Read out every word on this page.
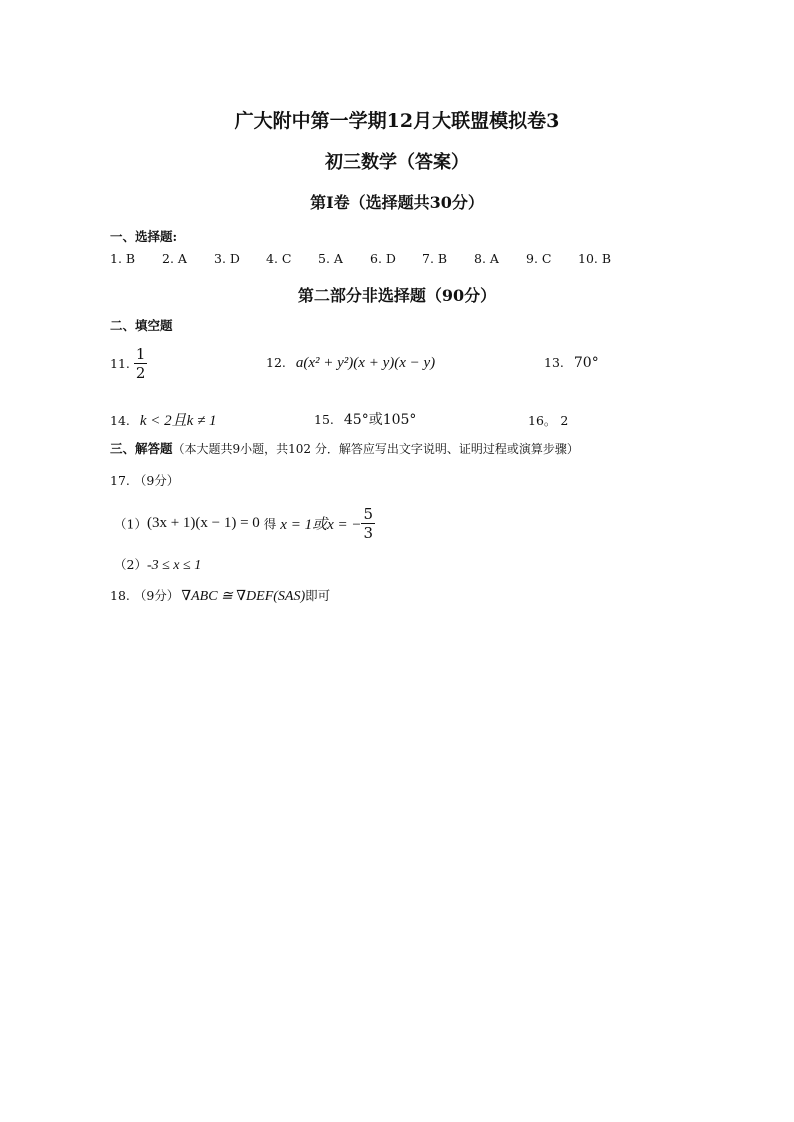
广大附中第一学期12月大联盟模拟卷3
初三数学（答案）
第Ⅰ卷（选择题共30分）
一、选择题:
1. B 2. A 3. D 4. C 5. A 6. D 7. B 8. A 9. C 10. B
第二部分非选择题（90分）
二、填空题
11. $\frac{1}{2}$	12. a(x² + y²)(x + y)(x − y)	13. 70°
14. k < 2且k ≠ 1	15. 45°或105°	16。 2
三、解答题（本大题共9小题，共102 分．解答应写出文字说明、证明过程或演算步骤）
17. （9分）
（1）(3x + 1)(x − 1) = 0 得 x = 1或x = − $\frac{5}{3}$
（2）-3 ≤ x ≤ 1
18. （9分） ∇ABC ≅ ∇DEF(SAS)即可
